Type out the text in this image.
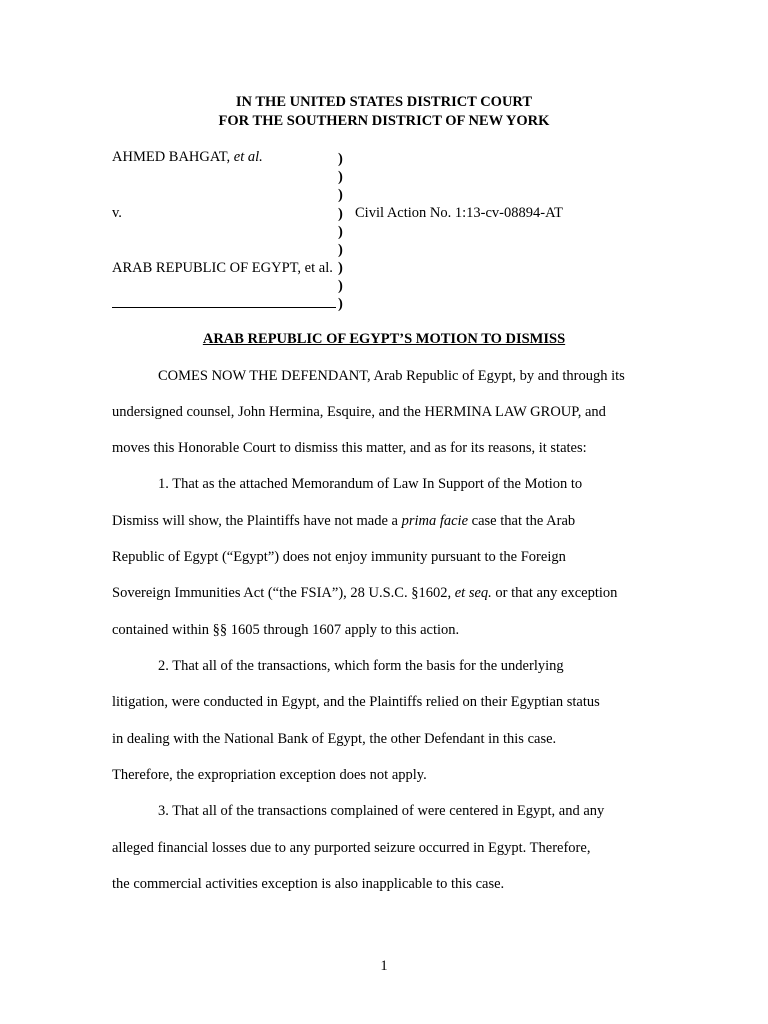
IN THE UNITED STATES DISTRICT COURT
FOR THE SOUTHERN DISTRICT OF NEW YORK
AHMED BAHGAT, et al.
v.
ARAB REPUBLIC OF EGYPT, et al.
)
)
)
)
)
)
)
)
)
Civil Action No. 1:13-cv-08894-AT
ARAB REPUBLIC OF EGYPT’S MOTION TO DISMISS
COMES NOW THE DEFENDANT, Arab Republic of Egypt, by and through its
undersigned counsel, John Hermina, Esquire, and the HERMINA LAW GROUP, and
moves this Honorable Court to dismiss this matter, and as for its reasons, it states:
1. That as the attached Memorandum of Law In Support of the Motion to
Dismiss will show, the Plaintiffs have not made a prima facie case that the Arab
Republic of Egypt (“Egypt”) does not enjoy immunity pursuant to the Foreign
Sovereign Immunities Act (“the FSIA”), 28 U.S.C. §1602, et seq. or that any exception
contained within §§ 1605 through 1607 apply to this action.
2. That all of the transactions, which form the basis for the underlying
litigation, were conducted in Egypt, and the Plaintiffs relied on their Egyptian status
in dealing with the National Bank of Egypt, the other Defendant in this case.
Therefore, the expropriation exception does not apply.
3. That all of the transactions complained of were centered in Egypt, and any
alleged financial losses due to any purported seizure occurred in Egypt. Therefore,
the commercial activities exception is also inapplicable to this case.
1
